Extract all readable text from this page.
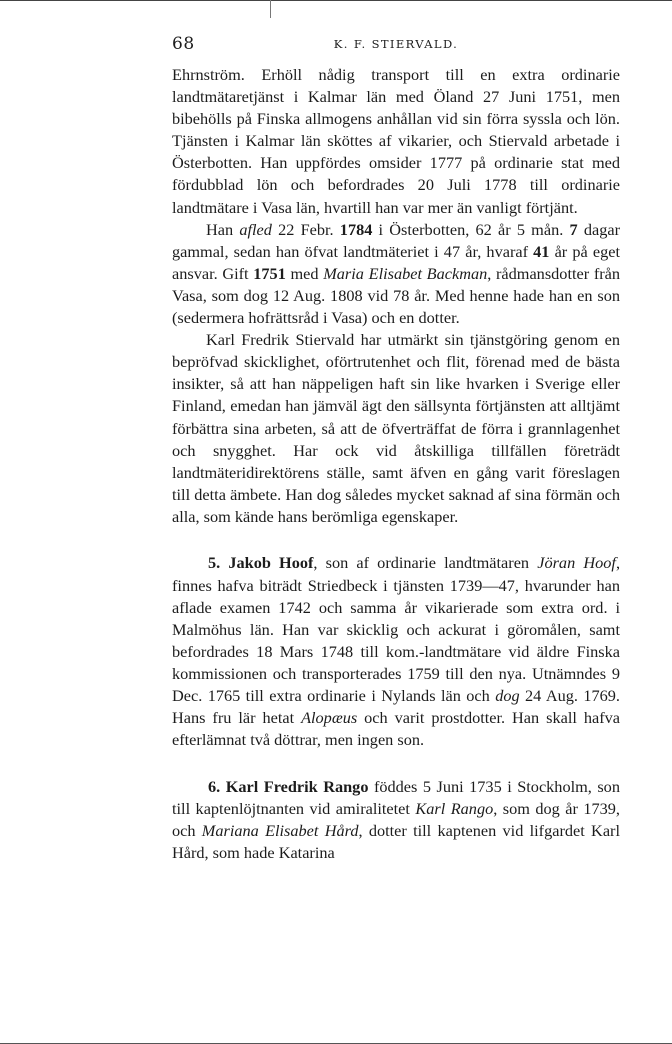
68	K. F. STIERVALD.

Ehrnström. Erhöll nådig transport till en extra ordinarie landtmätaretjänst i Kalmar län med Öland 27 Juni 1751, men bibehölls på Finska allmogens anhållan vid sin förra syssla och lön. Tjänsten i Kalmar län sköttes af vikarier, och Stiervald arbetade i Österbotten. Han uppfördes omsider 1777 på ordinarie stat med fördubblad lön och befordrades 20 Juli 1778 till ordinarie landtmätare i Vasa län, hvartill han var mer än vanligt förtjänt.

Han afled 22 Febr. 1784 i Österbotten, 62 år 5 mån. 7 dagar gammal, sedan han öfvat landtmäteriet i 47 år, hvaraf 41 år på eget ansvar. Gift 1751 med Maria Elisabet Backman, rådmansdotter från Vasa, som dog 12 Aug. 1808 vid 78 år. Med henne hade han en son (sedermera hofrättsråd i Vasa) och en dotter.

Karl Fredrik Stiervald har utmärkt sin tjänstgöring genom en bepröfvad skicklighet, oförtrutenhet och flit, förenad med de bästa insikter, så att han näppeligen haft sin like hvarken i Sverige eller Finland, emedan han jämväl ägt den sällsynta förtjänsten att alltjämt förbättra sina arbeten, så att de öfverträffat de förra i grannlagenhet och snygghet. Har ock vid åtskilliga tillfällen företrädt landtmäteridirektörens ställe, samt äfven en gång varit föreslagen till detta ämbete. Han dog således mycket saknad af sina förmän och alla, som kände hans berömliga egenskaper.

5. Jakob Hoof, son af ordinarie landtmätaren Jöran Hoof, finnes hafva biträdt Striedbeck i tjänsten 1739—47, hvarunder han aflade examen 1742 och samma år vikarierade som extra ord. i Malmöhus län. Han var skicklig och ackurat i göromålen, samt befordrades 18 Mars 1748 till kom.-landtmätare vid äldre Finska kommissionen och transporterades 1759 till den nya. Utnämndes 9 Dec. 1765 till extra ordinarie i Nylands län och dog 24 Aug. 1769. Hans fru lär hetat Alopæus och varit prostdotter. Han skall hafva efterlämnat två döttrar, men ingen son.

6. Karl Fredrik Rango föddes 5 Juni 1735 i Stockholm, son till kaptenlöjtnanten vid amiralitetet Karl Rango, som dog år 1739, och Mariana Elisabet Hård, dotter till kaptenen vid lifgardet Karl Hård, som hade Katarina
